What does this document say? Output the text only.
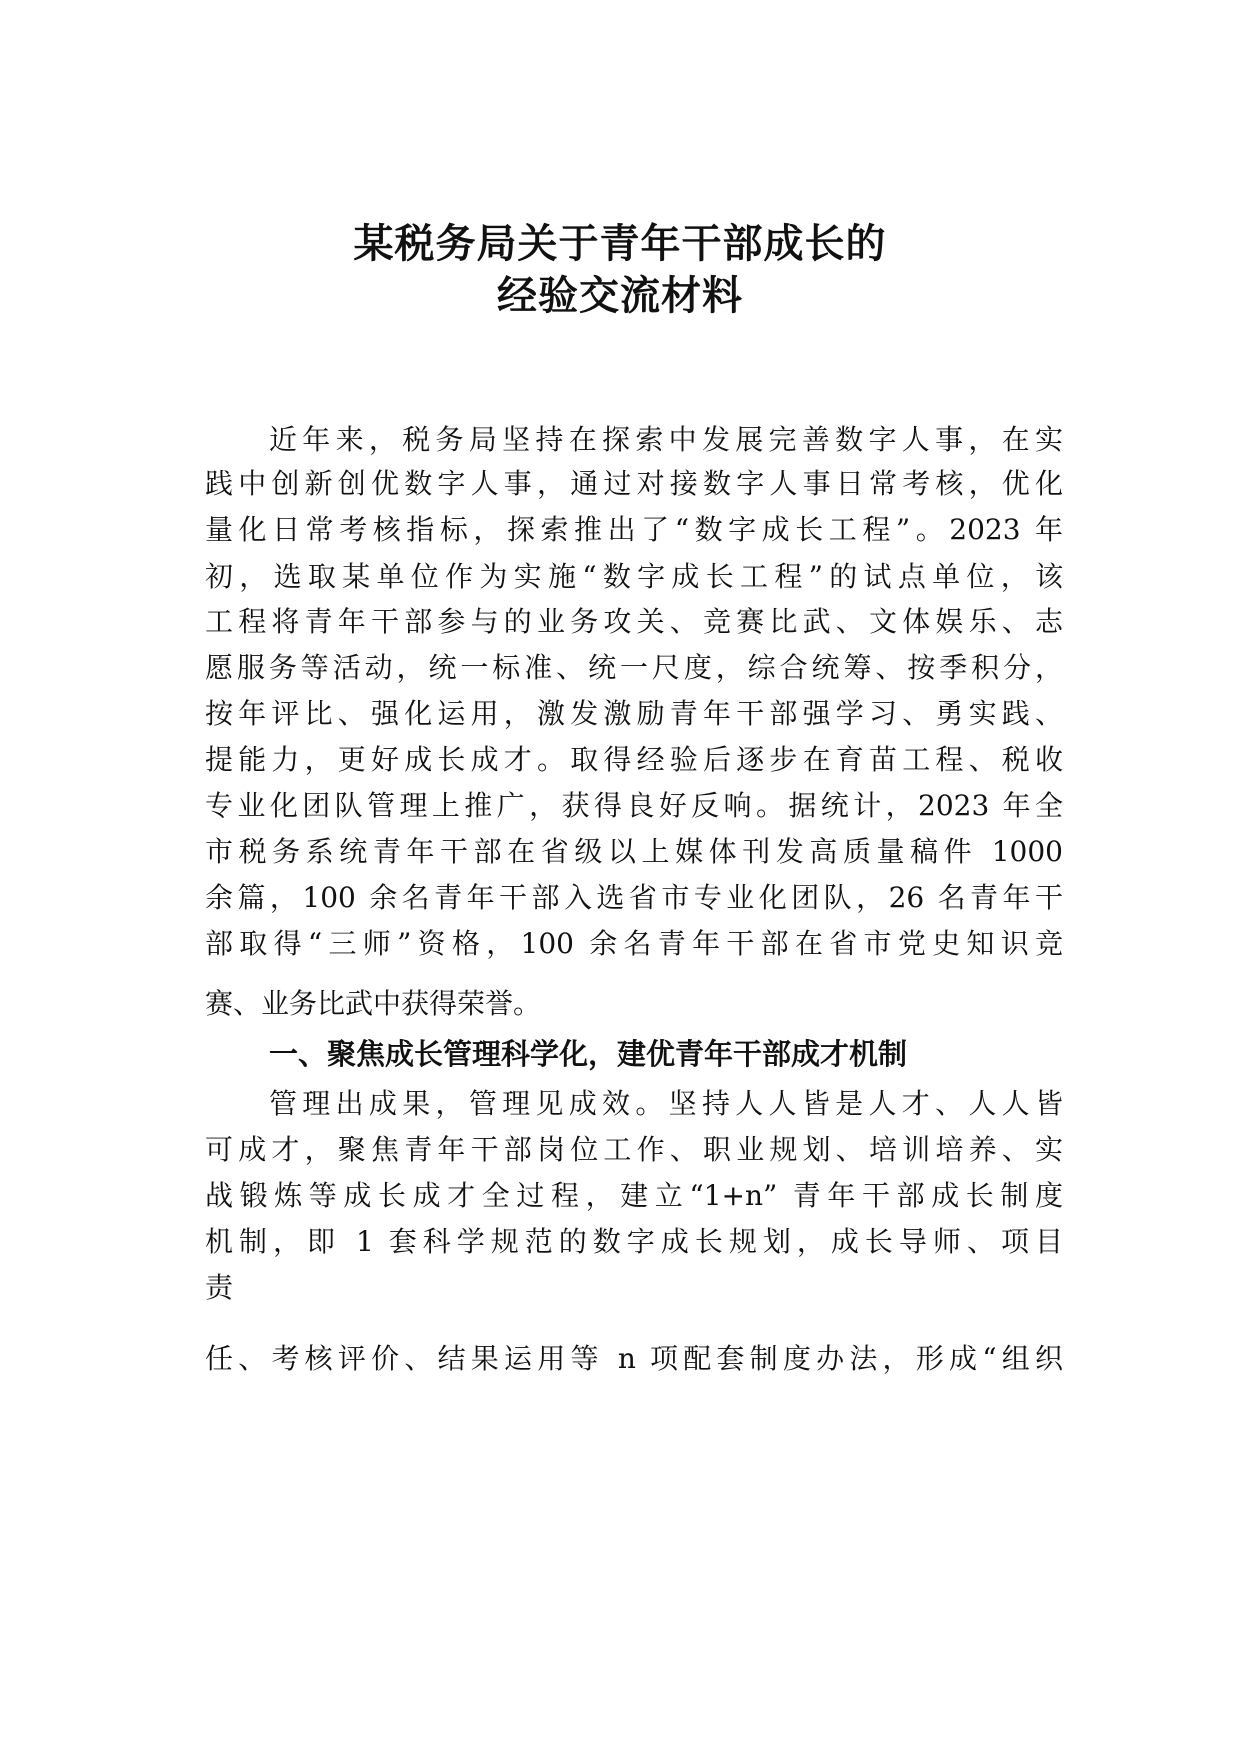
某税务局关于青年干部成长的
经验交流材料
近年来，税务局坚持在探索中发展完善数字人事，在实
践中创新创优数字人事，通过对接数字人事日常考核，优化
量化日常考核指标，探索推出了“数字成长工程”。2023 年
初，选取某单位作为实施“数字成长工程”的试点单位，该
工程将青年干部参与的业务攻关、竞赛比武、文体娱乐、志
愿服务等活动，统一标准、统一尺度，综合统筹、按季积分，
按年评比、强化运用，激发激励青年干部强学习、勇实践、
提能力，更好成长成才。取得经验后逐步在育苗工程、税收
专业化团队管理上推广，获得良好反响。据统计，2023 年全
市税务系统青年干部在省级以上媒体刊发高质量稿件 1000
余篇，100 余名青年干部入选省市专业化团队，26 名青年干
部取得“三师”资格，100 余名青年干部在省市党史知识竞
赛、业务比武中获得荣誉。
一、聚焦成长管理科学化，建优青年干部成才机制
管理出成果，管理见成效。坚持人人皆是人才、人人皆
可成才，聚焦青年干部岗位工作、职业规划、培训培养、实
战锻炼等成长成才全过程，建立“1+n” 青年干部成长制度
机制，即 1 套科学规范的数字成长规划，成长导师、项目
责
任、考核评价、结果运用等 n 项配套制度办法，形成“组织
